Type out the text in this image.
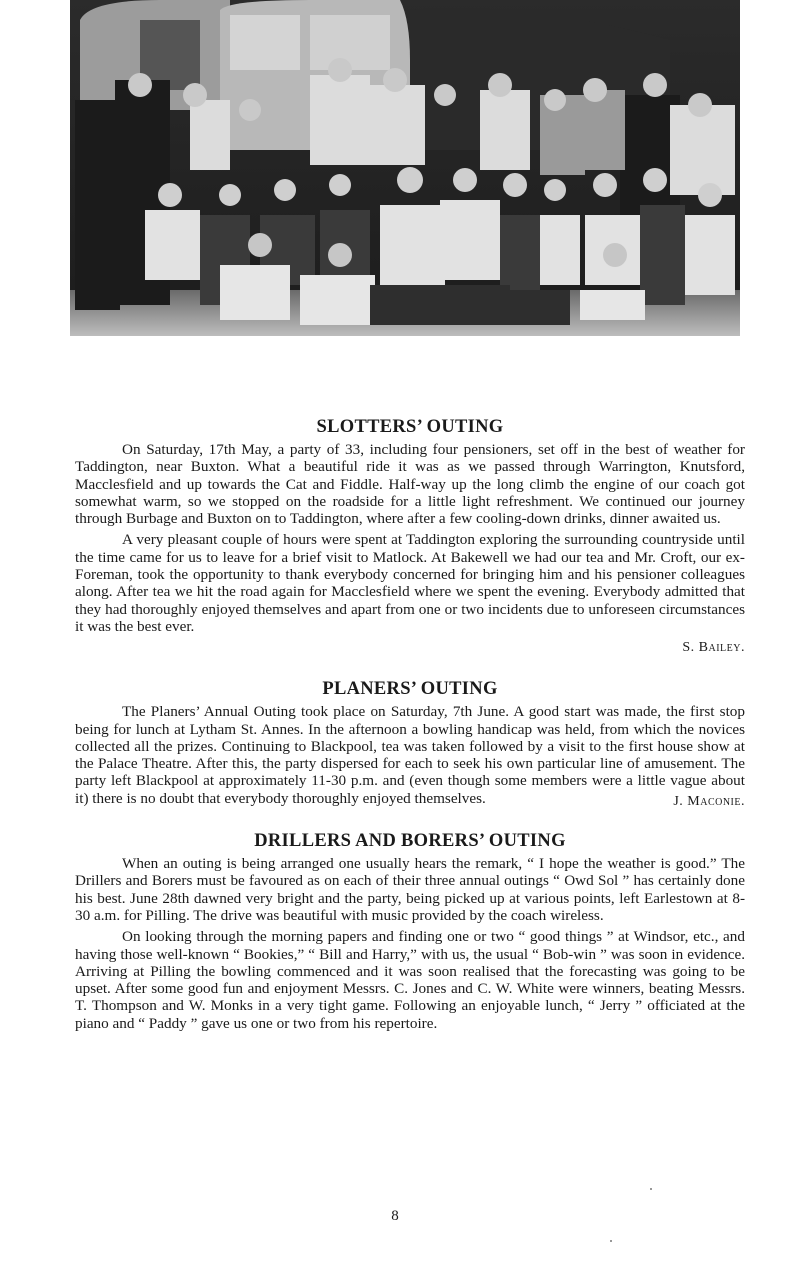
SLOTTERS’ OUTING

On Saturday, 17th May, a party of 33, including four pensioners, set off in the best of weather for Taddington, near Buxton. What a beautiful ride it was as we passed through Warrington, Knutsford, Macclesfield and up towards the Cat and Fiddle. Half-way up the long climb the engine of our coach got somewhat warm, so we stopped on the roadside for a little light refreshment. We continued our journey through Burbage and Buxton on to Taddington, where after a few cooling-down drinks, dinner awaited us.

A very pleasant couple of hours were spent at Taddington exploring the surrounding countryside until the time came for us to leave for a brief visit to Matlock. At Bakewell we had our tea and Mr. Croft, our ex-Foreman, took the opportunity to thank everybody concerned for bringing him and his pensioner colleagues along. After tea we hit the road again for Macclesfield where we spent the evening. Everybody admitted that they had thoroughly enjoyed themselves and apart from one or two incidents due to unforeseen circumstances it was the best ever.

S. Bailey.
PLANERS’ OUTING

The Planers’ Annual Outing took place on Saturday, 7th June. A good start was made, the first stop being for lunch at Lytham St. Annes. In the afternoon a bowling handicap was held, from which the novices collected all the prizes. Continuing to Blackpool, tea was taken followed by a visit to the first house show at the Palace Theatre. After this, the party dispersed for each to seek his own particular line of amusement. The party left Blackpool at approximately 11-30 p.m. and (even though some members were a little vague about it) there is no doubt that everybody thoroughly enjoyed themselves.	J. Maconie.
DRILLERS AND BORERS’ OUTING

When an outing is being arranged one usually hears the remark, “ I hope the weather is good.” The Drillers and Borers must be favoured as on each of their three annual outings “ Owd Sol ” has certainly done his best. June 28th dawned very bright and the party, being picked up at various points, left Earlestown at 8-30 a.m. for Pilling. The drive was beautiful with music provided by the coach wireless.

On looking through the morning papers and finding one or two “ good things ” at Windsor, etc., and having those well-known “ Bookies,” “ Bill and Harry,” with us, the usual “ Bob-win ” was soon in evidence. Arriving at Pilling the bowling commenced and it was soon realised that the forecasting was going to be upset. After some good fun and enjoyment Messrs. C. Jones and C. W. White were winners, beating Messrs. T. Thompson and W. Monks in a very tight game. Following an enjoyable lunch, “ Jerry ” officiated at the piano and “ Paddy ” gave us one or two from his repertoire.

8
